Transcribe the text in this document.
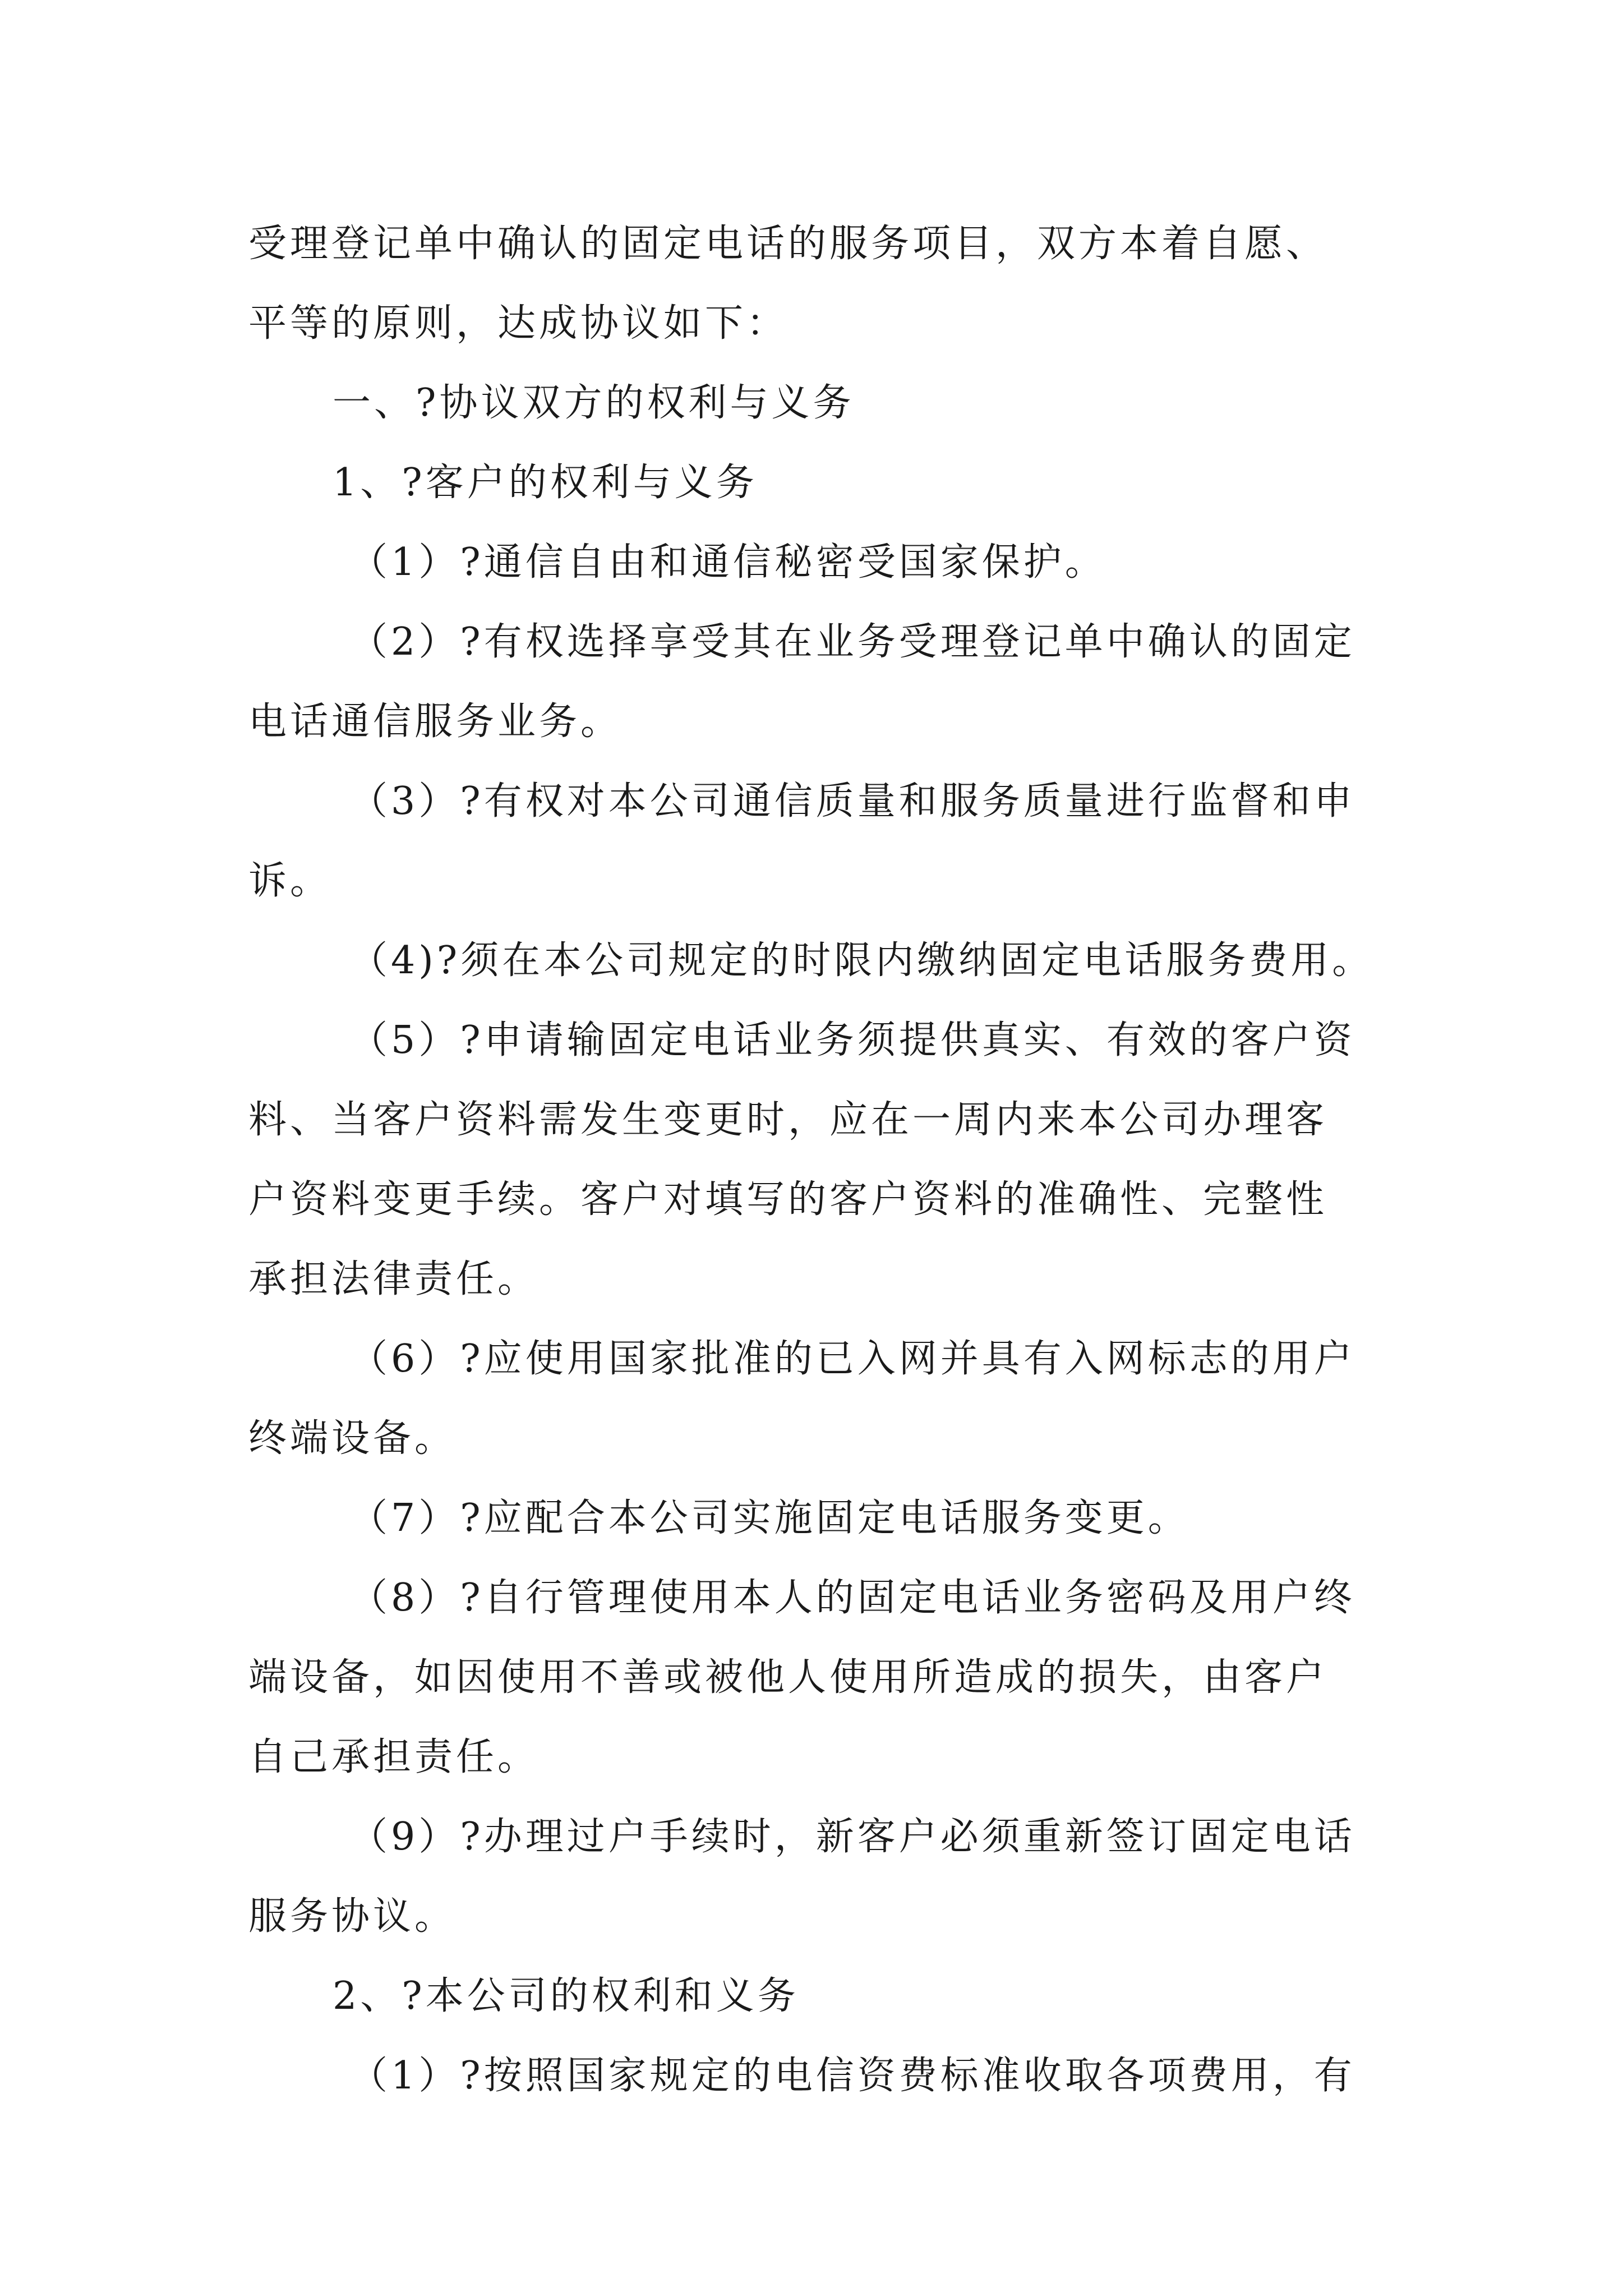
受理登记单中确认的固定电话的服务项目，双方本着自愿、
平等的原则，达成协议如下：
一、?协议双方的权利与义务
1、?客户的权利与义务
（1）?通信自由和通信秘密受国家保护。
（2）?有权选择享受其在业务受理登记单中确认的固定
电话通信服务业务。
（3）?有权对本公司通信质量和服务质量进行监督和申
诉。
（4)?须在本公司规定的时限内缴纳固定电话服务费用。
（5）?申请输固定电话业务须提供真实、有效的客户资
料、当客户资料需发生变更时，应在一周内来本公司办理客
户资料变更手续。客户对填写的客户资料的准确性、完整性
承担法律责任。
（6）?应使用国家批准的已入网并具有入网标志的用户
终端设备。
（7）?应配合本公司实施固定电话服务变更。
（8）?自行管理使用本人的固定电话业务密码及用户终
端设备，如因使用不善或被他人使用所造成的损失，由客户
自己承担责任。
（9）?办理过户手续时，新客户必须重新签订固定电话
服务协议。
2、?本公司的权利和义务
（1）?按照国家规定的电信资费标准收取各项费用，有
